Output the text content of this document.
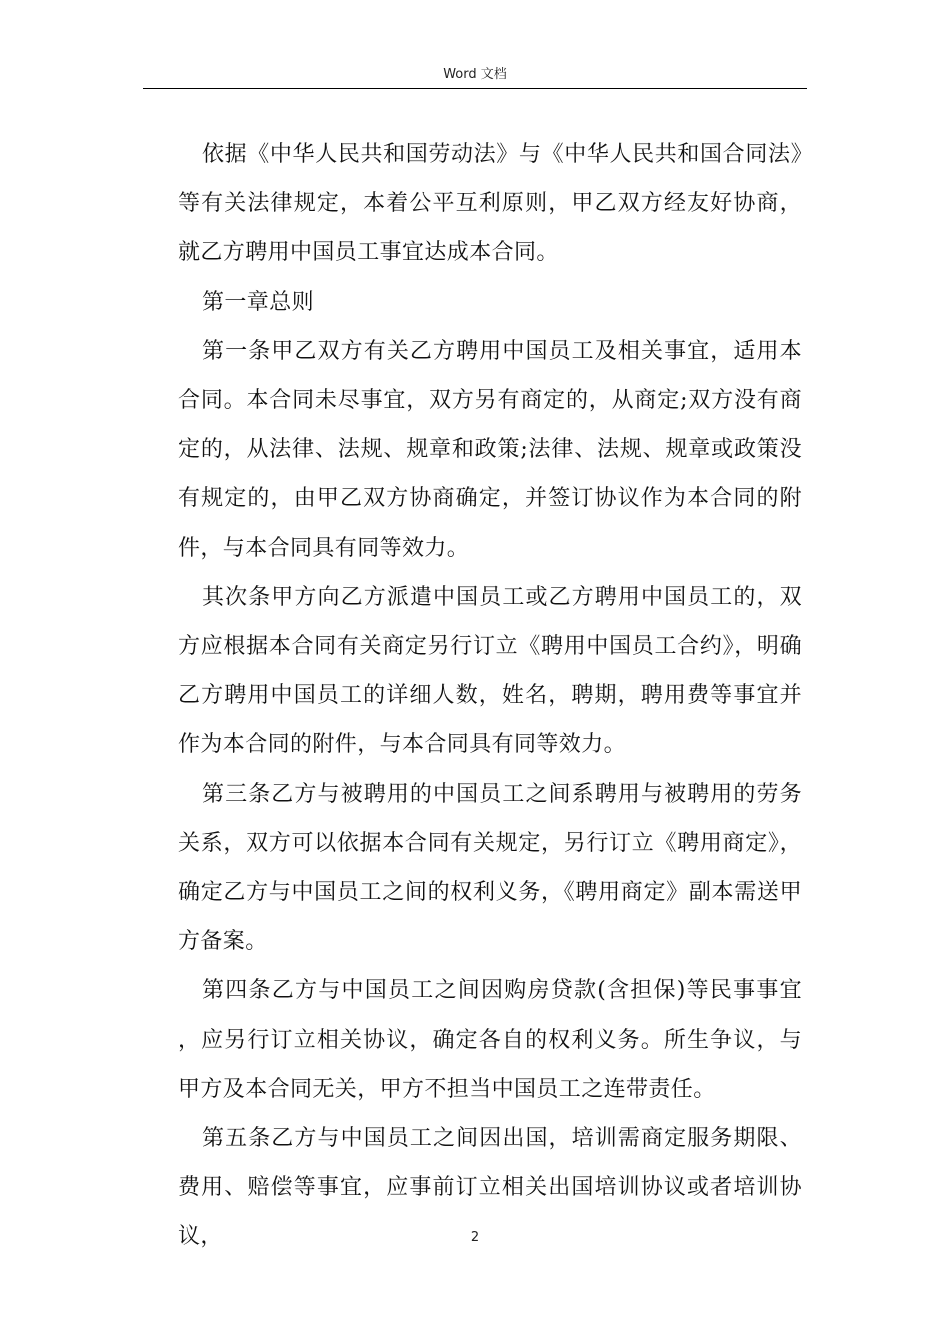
Word 文档

依据《中华人民共和国劳动法》与《中华人民共和国合同法》等有关法律规定，本着公平互利原则，甲乙双方经友好协商，就乙方聘用中国员工事宜达成本合同。

第一章总则

第一条甲乙双方有关乙方聘用中国员工及相关事宜，适用本合同。本合同未尽事宜，双方另有商定的，从商定;双方没有商定的，从法律、法规、规章和政策;法律、法规、规章或政策没有规定的，由甲乙双方协商确定，并签订协议作为本合同的附件，与本合同具有同等效力。

其次条甲方向乙方派遣中国员工或乙方聘用中国员工的，双方应根据本合同有关商定另行订立《聘用中国员工合约》，明确乙方聘用中国员工的详细人数，姓名，聘期，聘用费等事宜并作为本合同的附件，与本合同具有同等效力。

第三条乙方与被聘用的中国员工之间系聘用与被聘用的劳务关系，双方可以依据本合同有关规定，另行订立《聘用商定》，确定乙方与中国员工之间的权利义务，《聘用商定》副本需送甲方备案。

第四条乙方与中国员工之间因购房贷款(含担保)等民事事宜，应另行订立相关协议，确定各自的权利义务。所生争议，与甲方及本合同无关，甲方不担当中国员工之连带责任。

第五条乙方与中国员工之间因出国，培训需商定服务期限、费用、赔偿等事宜，应事前订立相关出国培训协议或者培训协议，	2
